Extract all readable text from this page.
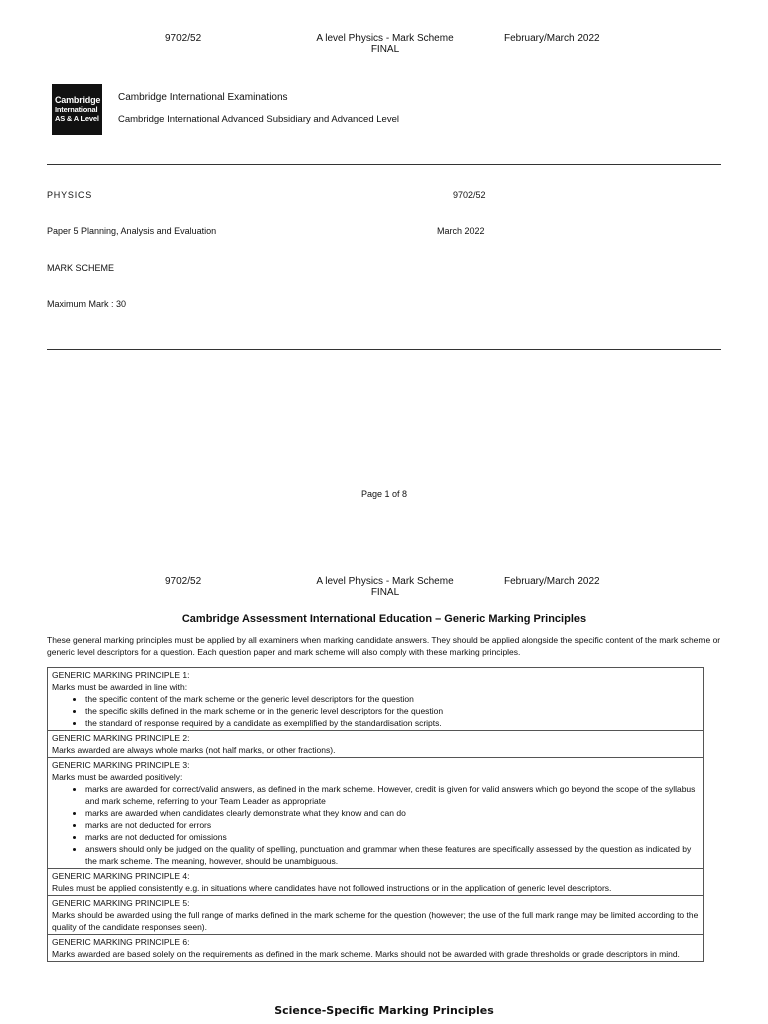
9702/52	A level Physics - Mark Scheme
FINAL
February/March 2022
Cambridge
International
AS & A Level
Cambridge International Examinations
Cambridge International Advanced Subsidiary and Advanced Level
PHYSICS	9702/52
Paper 5 Planning, Analysis and Evaluation	March 2022
MARK SCHEME
Maximum Mark : 30
Page 1 of 8
9702/52	A level Physics - Mark Scheme
FINAL
February/March 2022
Cambridge Assessment International Education – Generic Marking Principles
These general marking principles must be applied by all examiners when marking candidate answers. They should be applied alongside the specific content of the mark scheme or generic level descriptors for a question. Each question paper and mark scheme will also comply with these marking principles.
GENERIC MARKING PRINCIPLE 1:
Marks must be awarded in line with:
• the specific content of the mark scheme or the generic level descriptors for the question
• the specific skills defined in the mark scheme or in the generic level descriptors for the question
• the standard of response required by a candidate as exemplified by the standardisation scripts.

GENERIC MARKING PRINCIPLE 2:
Marks awarded are always whole marks (not half marks, or other fractions).

GENERIC MARKING PRINCIPLE 3:
Marks must be awarded positively:
• marks are awarded for correct/valid answers, as defined in the mark scheme. However, credit is given for valid answers which go beyond the scope of the syllabus and mark scheme, referring to your Team Leader as appropriate
• marks are awarded when candidates clearly demonstrate what they know and can do
• marks are not deducted for errors
• marks are not deducted for omissions
• answers should only be judged on the quality of spelling, punctuation and grammar when these features are specifically assessed by the question as indicated by the mark scheme. The meaning, however, should be unambiguous.

GENERIC MARKING PRINCIPLE 4:
Rules must be applied consistently e.g. in situations where candidates have not followed instructions or in the application of generic level descriptors.

GENERIC MARKING PRINCIPLE 5:
Marks should be awarded using the full range of marks defined in the mark scheme for the question (however; the use of the full mark range may be limited according to the quality of the candidate responses seen).

GENERIC MARKING PRINCIPLE 6:
Marks awarded are based solely on the requirements as defined in the mark scheme. Marks should not be awarded with grade thresholds or grade descriptors in mind.
Science-Specific Marking Principles
